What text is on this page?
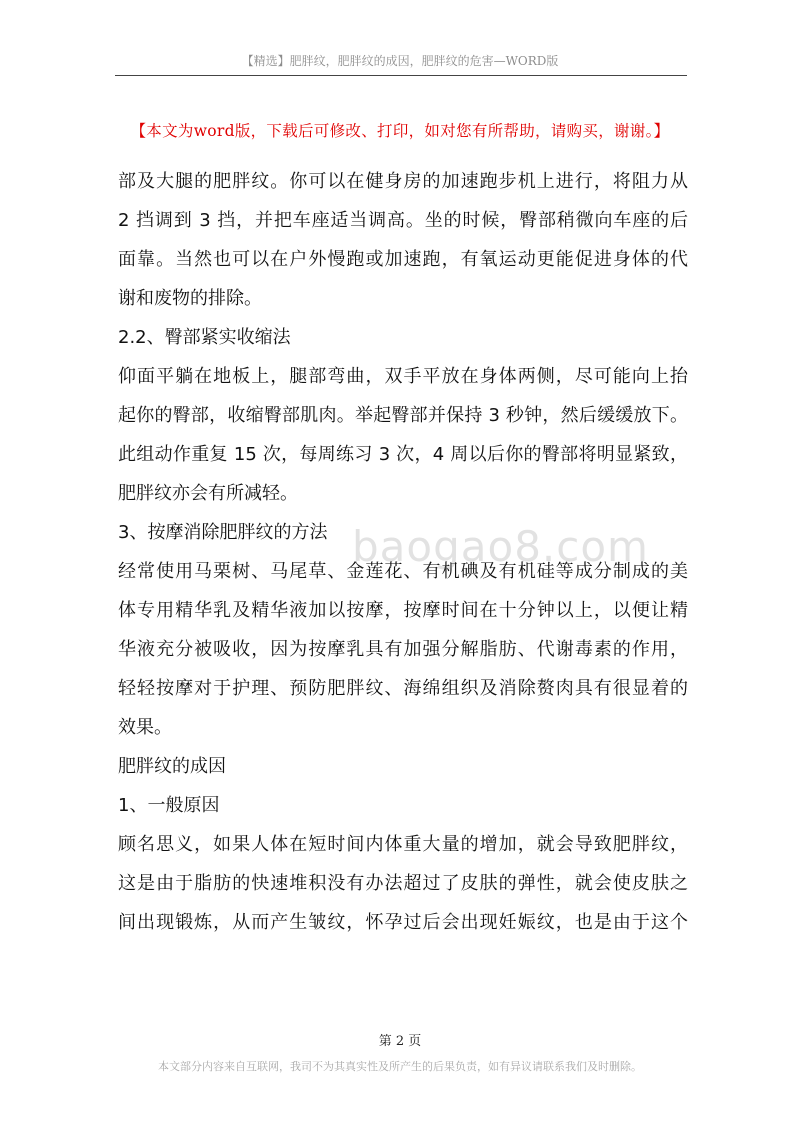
【精选】肥胖纹，肥胖纹的成因，肥胖纹的危害—WORD版
【本文为word版，下载后可修改、打印，如对您有所帮助，请购买，谢谢。】
部及大腿的肥胖纹。你可以在健身房的加速跑步机上进行，将阻力从
2 挡调到 3 挡，并把车座适当调高。坐的时候，臀部稍微向车座的后
面靠。当然也可以在户外慢跑或加速跑，有氧运动更能促进身体的代
谢和废物的排除。
2.2、臀部紧实收缩法
仰面平躺在地板上，腿部弯曲，双手平放在身体两侧，尽可能向上抬
起你的臀部，收缩臀部肌肉。举起臀部并保持 3 秒钟，然后缓缓放下。
此组动作重复 15 次，每周练习 3 次，4 周以后你的臀部将明显紧致，
肥胖纹亦会有所减轻。
3、按摩消除肥胖纹的方法
经常使用马栗树、马尾草、金莲花、有机碘及有机硅等成分制成的美
体专用精华乳及精华液加以按摩，按摩时间在十分钟以上，以便让精
华液充分被吸收，因为按摩乳具有加强分解脂肪、代谢毒素的作用，
轻轻按摩对于护理、预防肥胖纹、海绵组织及消除赘肉具有很显着的
效果。
肥胖纹的成因
1、一般原因
顾名思义，如果人体在短时间内体重大量的增加，就会导致肥胖纹，
这是由于脂肪的快速堆积没有办法超过了皮肤的弹性，就会使皮肤之
间出现锻炼，从而产生皱纹，怀孕过后会出现妊娠纹，也是由于这个
baogao8.com
第 2 页
本文部分内容来自互联网，我司不为其真实性及所产生的后果负责，如有异议请联系我们及时删除。
